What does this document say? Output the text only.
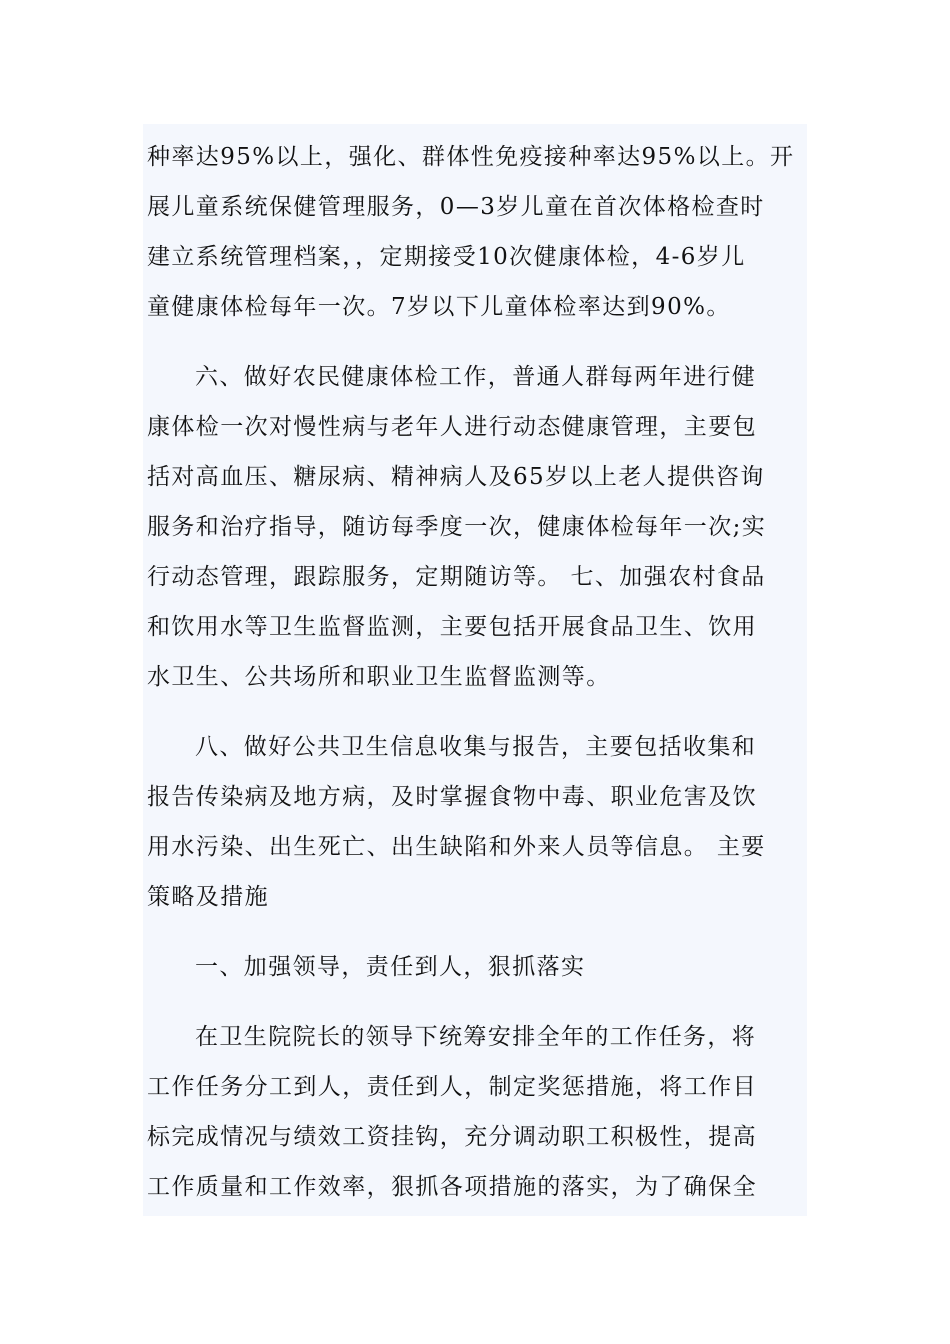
种率达95%以上，强化、群体性免疫接种率达95%以上。开
展儿童系统保健管理服务，0—3岁儿童在首次体格检查时
建立系统管理档案，，定期接受10次健康体检，4-6岁儿
童健康体检每年一次。7岁以下儿童体检率达到90%。

六、做好农民健康体检工作，普通人群每两年进行健
康体检一次对慢性病与老年人进行动态健康管理，主要包
括对高血压、糖尿病、精神病人及65岁以上老人提供咨询
服务和治疗指导，随访每季度一次，健康体检每年一次;实
行动态管理，跟踪服务，定期随访等。 七、加强农村食品
和饮用水等卫生监督监测，主要包括开展食品卫生、饮用
水卫生、公共场所和职业卫生监督监测等。

八、做好公共卫生信息收集与报告，主要包括收集和
报告传染病及地方病，及时掌握食物中毒、职业危害及饮
用水污染、出生死亡、出生缺陷和外来人员等信息。 主要
策略及措施

一、加强领导，责任到人，狠抓落实

在卫生院院长的领导下统筹安排全年的工作任务，将
工作任务分工到人，责任到人，制定奖惩措施，将工作目
标完成情况与绩效工资挂钩，充分调动职工积极性，提高
工作质量和工作效率，狠抓各项措施的落实，为了确保全
